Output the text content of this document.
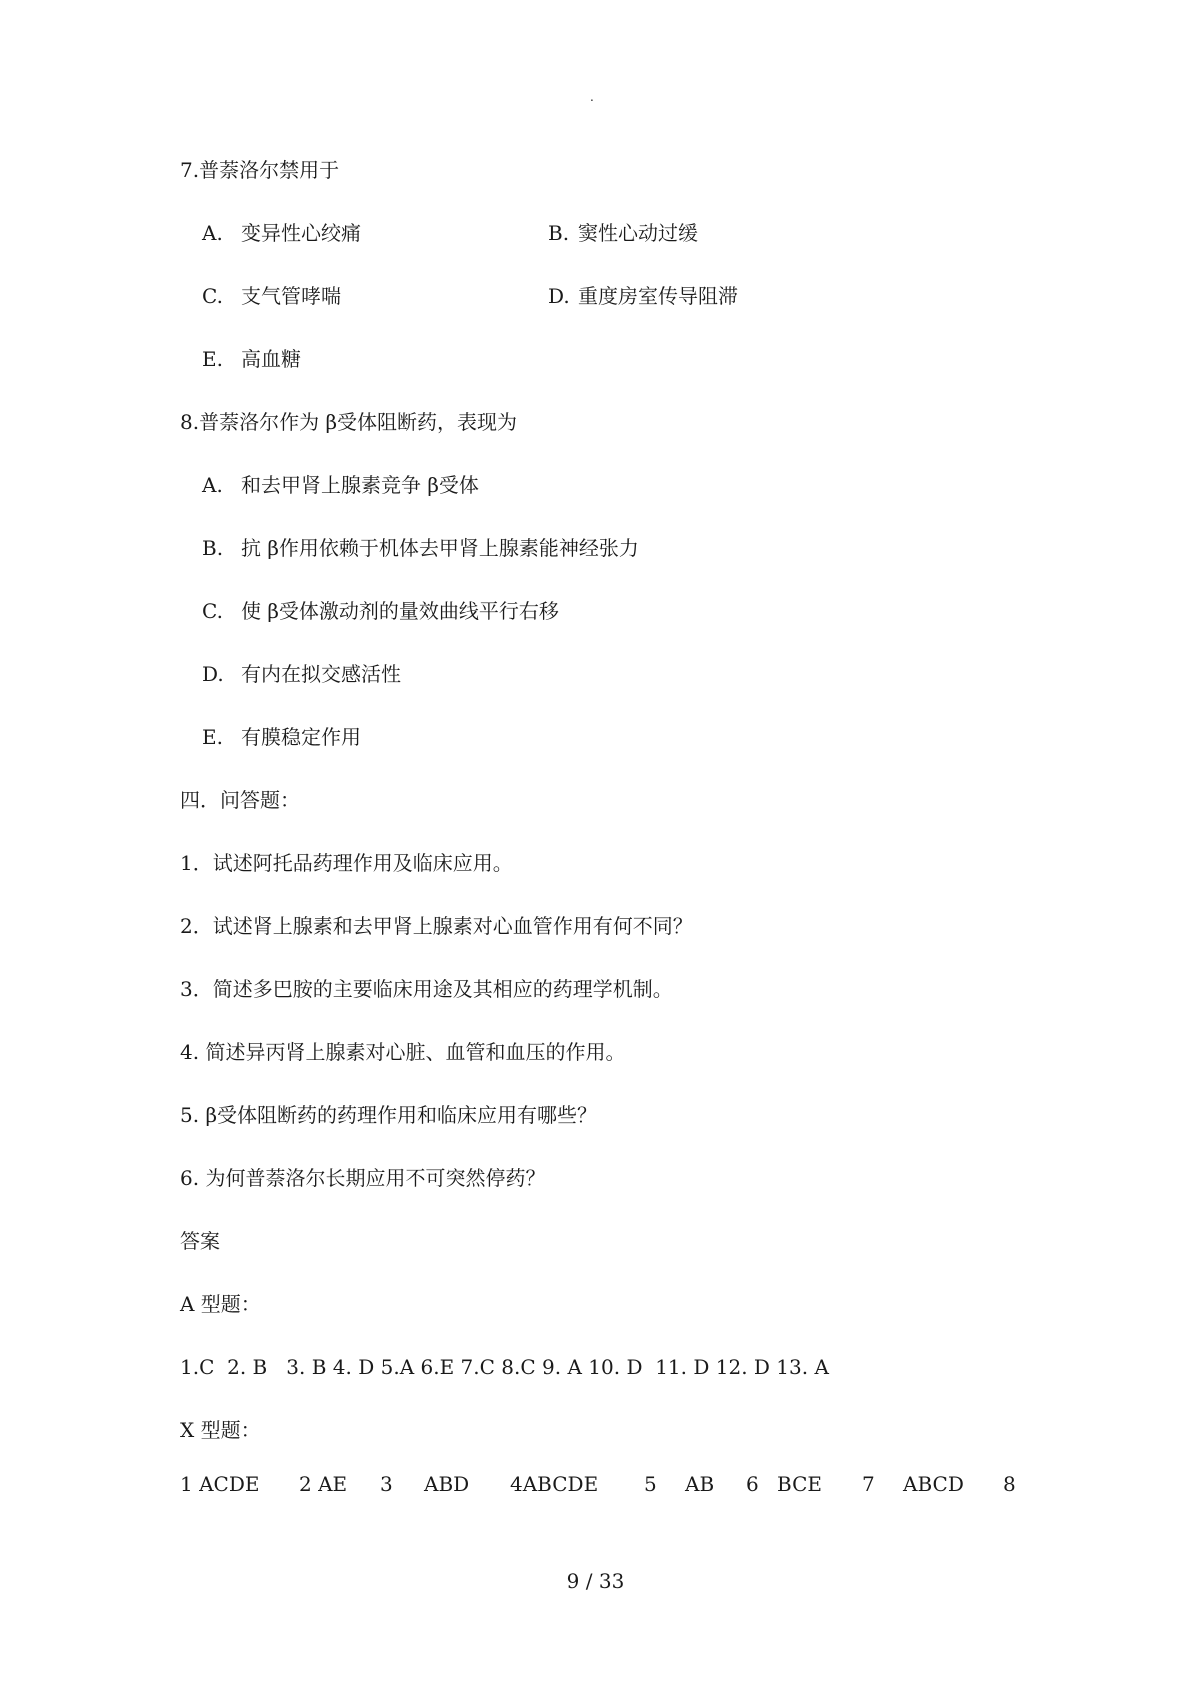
.
7.普萘洛尔禁用于
A. 变异性心绞痛	B. 窦性心动过缓
C. 支气管哮喘	D. 重度房室传导阻滞
E. 高血糖
8.普萘洛尔作为 β受体阻断药，表现为
A. 和去甲肾上腺素竞争 β受体
B. 抗 β作用依赖于机体去甲肾上腺素能神经张力
C. 使 β受体激动剂的量效曲线平行右移
D. 有内在拟交感活性
E. 有膜稳定作用
四．问答题：
1．试述阿托品药理作用及临床应用。
2．试述肾上腺素和去甲肾上腺素对心血管作用有何不同？
3．简述多巴胺的主要临床用途及其相应的药理学机制。
4. 简述异丙肾上腺素对心脏、血管和血压的作用。
5. β受体阻断药的药理作用和临床应用有哪些？
6. 为何普萘洛尔长期应用不可突然停药？
答案
A 型题：
1.C  2. B   3. B 4. D 5.A 6.E 7.C 8.C 9. A 10. D  11. D 12. D 13. A
X 型题：
1 ACDE 2 AE 3 ABD 4ABCDE 5 AB 6 BCE 7 ABCD 8
9 / 33
